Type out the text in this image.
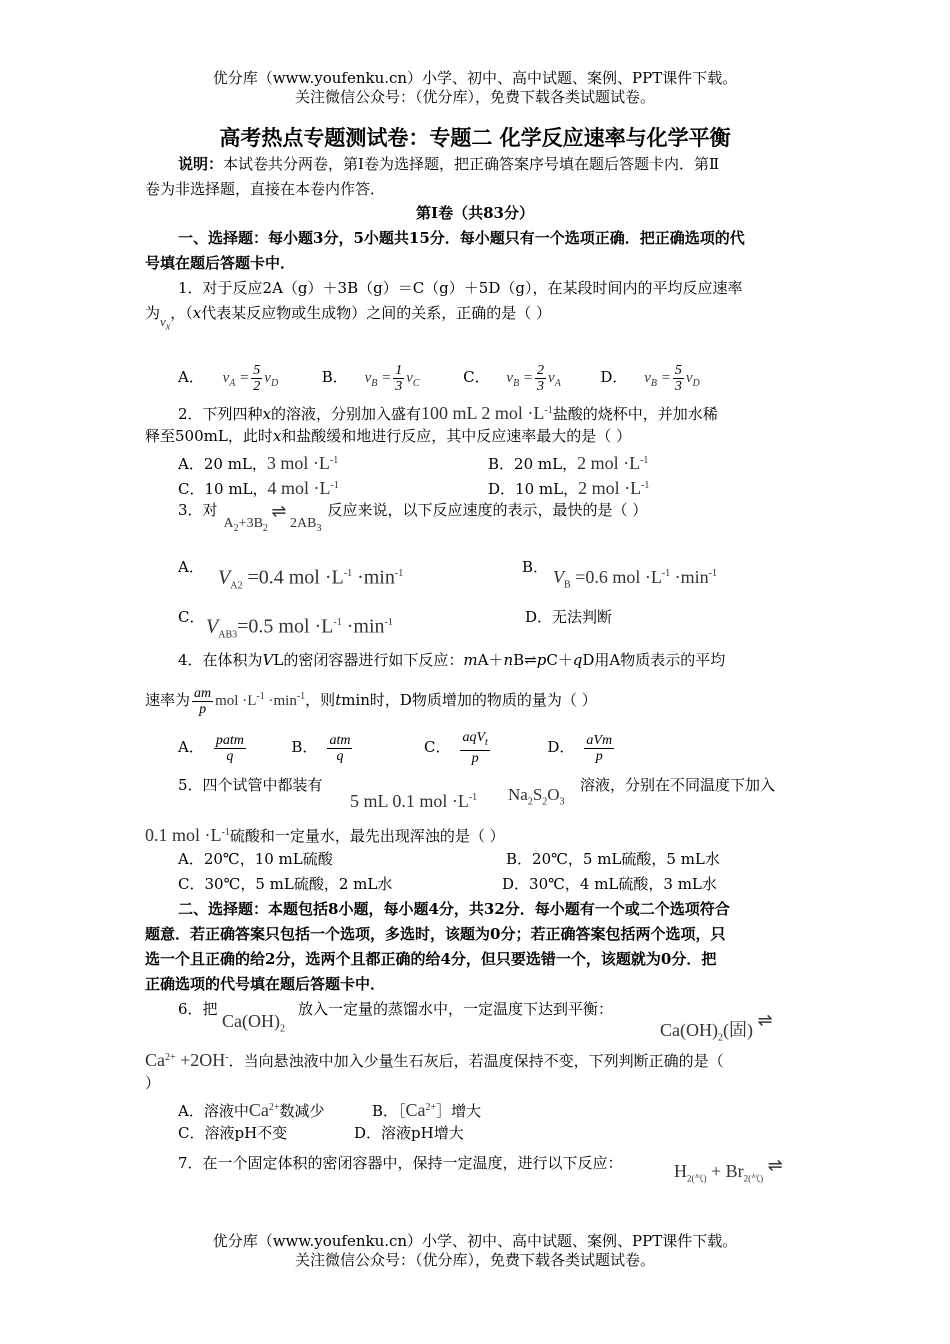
优分库（www.youfenku.cn）小学、初中、高中试题、案例、PPT课件下载。
关注微信公众号：（优分库），免费下载各类试题试卷。
高考热点专题测试卷：专题二 化学反应速率与化学平衡
说明：本试卷共分两卷，第Ⅰ卷为选择题，把正确答案序号填在题后答题卡内．第Ⅱ
卷为非选择题，直接在本卷内作答．
第Ⅰ卷（共83分）
一、选择题：每小题3分，5小题共15分．每小题只有一个选项正确．把正确选项的代
号填在题后答题卡中．
1．对于反应2A（g）＋3B（g）＝C（g）＋5D（g），在某段时间内的平均反应速率
为$v_x$，（x代表某反应物或生成物）之间的关系，正确的是（ ）
A． $v_A = \frac{5}{2} v_D$	B． $v_B = \frac{1}{3} v_C$	C． $v_B = \frac{2}{3} v_A$	D． $v_B = \frac{5}{3} v_D$
2．下列四种x的溶液，分别加入盛有100 mL 2 mol $\cdot L^{-1}$盐酸的烧杯中，并加水稀
释至500mL，此时x和盐酸缓和地进行反应，其中反应速率最大的是（ ）
A．20 mL，3 mol $\cdot L^{-1}$	B．20 mL，2 mol $\cdot L^{-1}$
C．10 mL，4 mol $\cdot L^{-1}$	D．10 mL，2 mol $\cdot L^{-1}$
3．对$A_2+3B_2$ ⇌ $2AB_3$反应来说，以下反应速度的表示，最快的是（ ）
A． $V_{A2} =0.4$ mol $\cdot L^{-1} \cdot\min^{-1}$	B． $V_B =0.6$ mol $\cdot L^{-1} \cdot\min^{-1}$
C． $V_{AB3}=0.5$ mol $\cdot L^{-1} \cdot\min^{-1}$	D．无法判断
4．在体积为VL的密闭容器进行如下反应：mA＋nB⇌pC＋qD用A物质表示的平均
速率为 $\frac{am}{p}$ mol $\cdot L^{-1} \cdot\min^{-1}$，则tmin时，D物质增加的物质的量为（ ）
A． $\frac{\text{patm}}{q}$	B． $\frac{\text{atm}}{q}$	C． $\frac{aqV_t}{p}$	D． $\frac{\text{aVm}}{p}$
5．四个试管中都装有
5 mL 0.1 mol $\cdot L^{-1}$ $Na_2S_2O_3$
溶液，分别在不同温度下加入
0.1 mol $\cdot L^{-1}$硫酸和一定量水，最先出现浑浊的是（ ）
A．20℃，10 mL硫酸	B．20℃，5 mL硫酸，5 mL水
C．30℃，5 mL硫酸，2 mL水	D．30℃，4 mL硫酸，3 mL水
二、选择题：本题包括8小题，每小题4分，共32分．每小题有一个或二个选项符合
题意．若正确答案只包括一个选项，多选时，该题为0分；若正确答案包括两个选项，只
选一个且正确的给2分，选两个且都正确的给4分，但只要选错一个，该题就为0分．把
正确选项的代号填在题后答题卡中．
6．把
$Ca(OH)_2$
放入一定量的蒸馏水中，一定温度下达到平衡：
$Ca(OH)_2$(固) ⇌
$Ca^{2+} +2OH^-$．当向悬浊液中加入少量生石灰后，若温度保持不变，下列判断正确的是（
）
A．溶液中$Ca^{2+}$数减少	B．$[Ca^{2+}]$增大
C．溶液pH不变	D．溶液pH增大
7．在一个固定体积的密闭容器中，保持一定温度，进行以下反应：	$H_{2(气)} + Br_{2(气)}$ ⇌
优分库（www.youfenku.cn）小学、初中、高中试题、案例、PPT课件下载。
关注微信公众号：（优分库），免费下载各类试题试卷。
